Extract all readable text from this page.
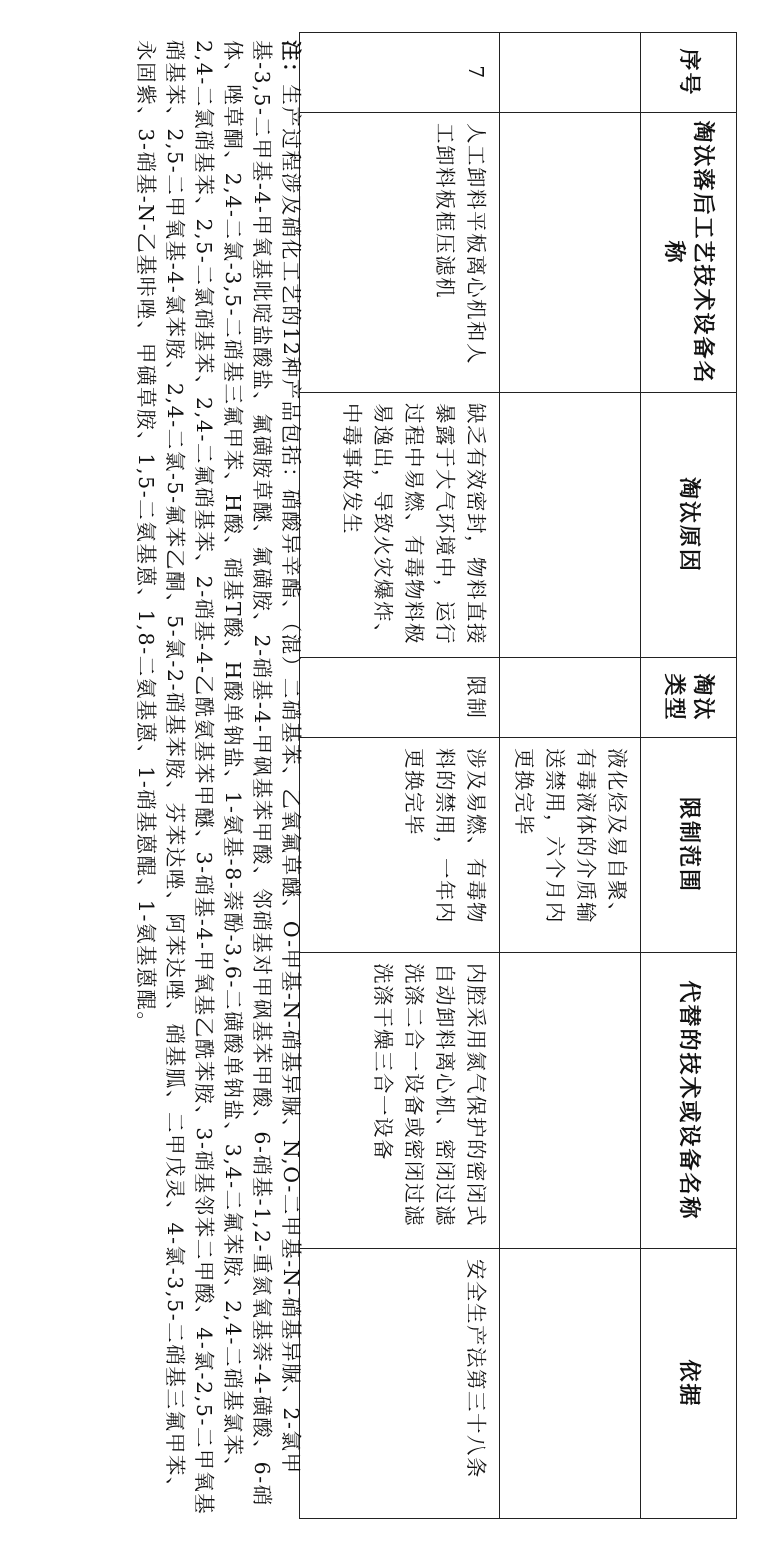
序号	淘汰落后工艺技术设备名称	淘汰原因	淘汰类型	限制范围	代替的技术或设备名称	依据
				液化烃及易自聚、有毒液体的介质输送禁用，六个月内更换完毕		
7	人工卸料平板离心机和人工卸料板框压滤机	缺乏有效密封，物料直接暴露于大气环境中，运行过程中易燃、有毒物料极易逸出，导致火灾爆炸、中毒事故发生	限制	涉及易燃、有毒物料的禁用，一年内更换完毕	内腔采用氮气保护的密闭式自动卸料离心机、密闭过滤洗涤二合一设备或密闭过滤洗涤干燥三合一设备	安全生产法第三十八条

注：生产过程涉及硝化工艺的12种产品包括：硝酸异辛酯、（混）二硝基苯、乙氧氟草醚、O-甲基-N-硝基异脲、N,O-二甲基-N-硝基异脲、2-氯甲基-3,5-二甲基-4-甲氧基吡啶盐酸盐、氟磺胺草醚、氟磺胺、2-硝基-4-甲砜基苯甲酸、邻硝基对甲砜基苯甲酸、6-硝基-1,2-重氮氧基萘-4-磺酸、6-硝体、唑草酮、2,4-二氯-3,5-二硝基三氟甲苯、H酸、硝基T酸、H酸单钠盐、1-氨基-8-萘酚-3,6-二磺酸单钠盐、3,4-二氟苯胺、2,4-二硝基氯苯、2,4-二氯硝基苯、2,5-二氯硝基苯、2,4-二氟硝基苯、2-硝基-4-乙酰氨基苯甲醚、3-硝基-4-甲氧基乙酰苯胺、3-硝基邻苯二甲酸、4-氯-2,5-二甲氧基硝基苯、2,5-二甲氧基-4-氯苯胺、2,4-二氯-5-氟苯乙酮、5-氯-2-硝基苯胺、芬苯达唑、阿苯达唑、硝基胍、二甲戊灵、4-氯-3,5-二硝基三氟甲苯、永固紫、3-硝基-N-乙基咔唑、甲磺草胺、1,5-二氨基蒽、1,8-二氨基蒽、1-硝基蒽醌、1-氨基蒽醌。
